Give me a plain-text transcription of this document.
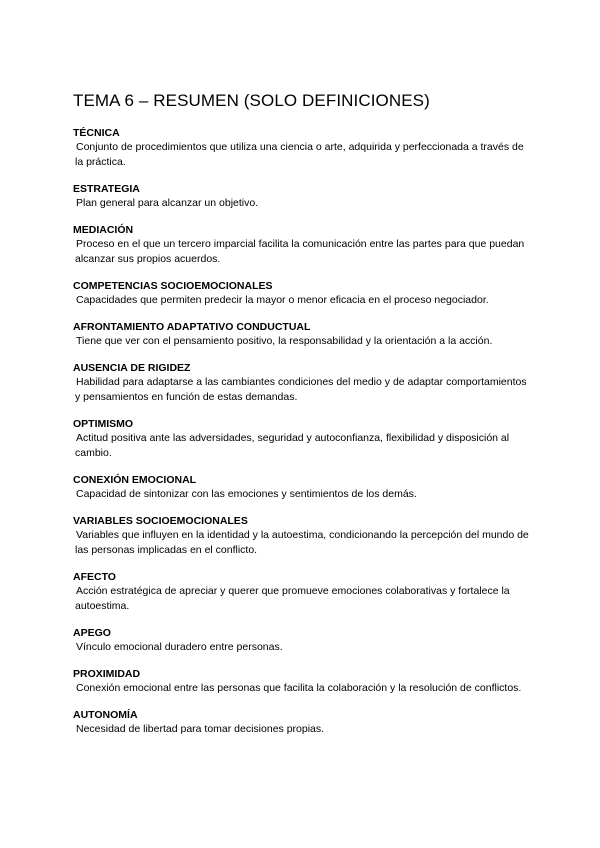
TEMA 6 – RESUMEN (SOLO DEFINICIONES)

TÉCNICA

Conjunto de procedimientos que utiliza una ciencia o arte, adquirida y perfeccionada a través de la práctica.

ESTRATEGIA

Plan general para alcanzar un objetivo.

MEDIACIÓN

Proceso en el que un tercero imparcial facilita la comunicación entre las partes para que puedan alcanzar sus propios acuerdos.

COMPETENCIAS SOCIOEMOCIONALES

Capacidades que permiten predecir la mayor o menor eficacia en el proceso negociador.

AFRONTAMIENTO ADAPTATIVO CONDUCTUAL

Tiene que ver con el pensamiento positivo, la responsabilidad y la orientación a la acción.

AUSENCIA DE RIGIDEZ

Habilidad para adaptarse a las cambiantes condiciones del medio y de adaptar comportamientos y pensamientos en función de estas demandas.

OPTIMISMO

Actitud positiva ante las adversidades, seguridad y autoconfianza, flexibilidad y disposición al cambio.

CONEXIÓN EMOCIONAL

Capacidad de sintonizar con las emociones y sentimientos de los demás.

VARIABLES SOCIOEMOCIONALES

Variables que influyen en la identidad y la autoestima, condicionando la percepción del mundo de las personas implicadas en el conflicto.

AFECTO

Acción estratégica de apreciar y querer que promueve emociones colaborativas y fortalece la autoestima.

APEGO

Vínculo emocional duradero entre personas.

PROXIMIDAD

Conexión emocional entre las personas que facilita la colaboración y la resolución de conflictos.

AUTONOMÍA

Necesidad de libertad para tomar decisiones propias.
